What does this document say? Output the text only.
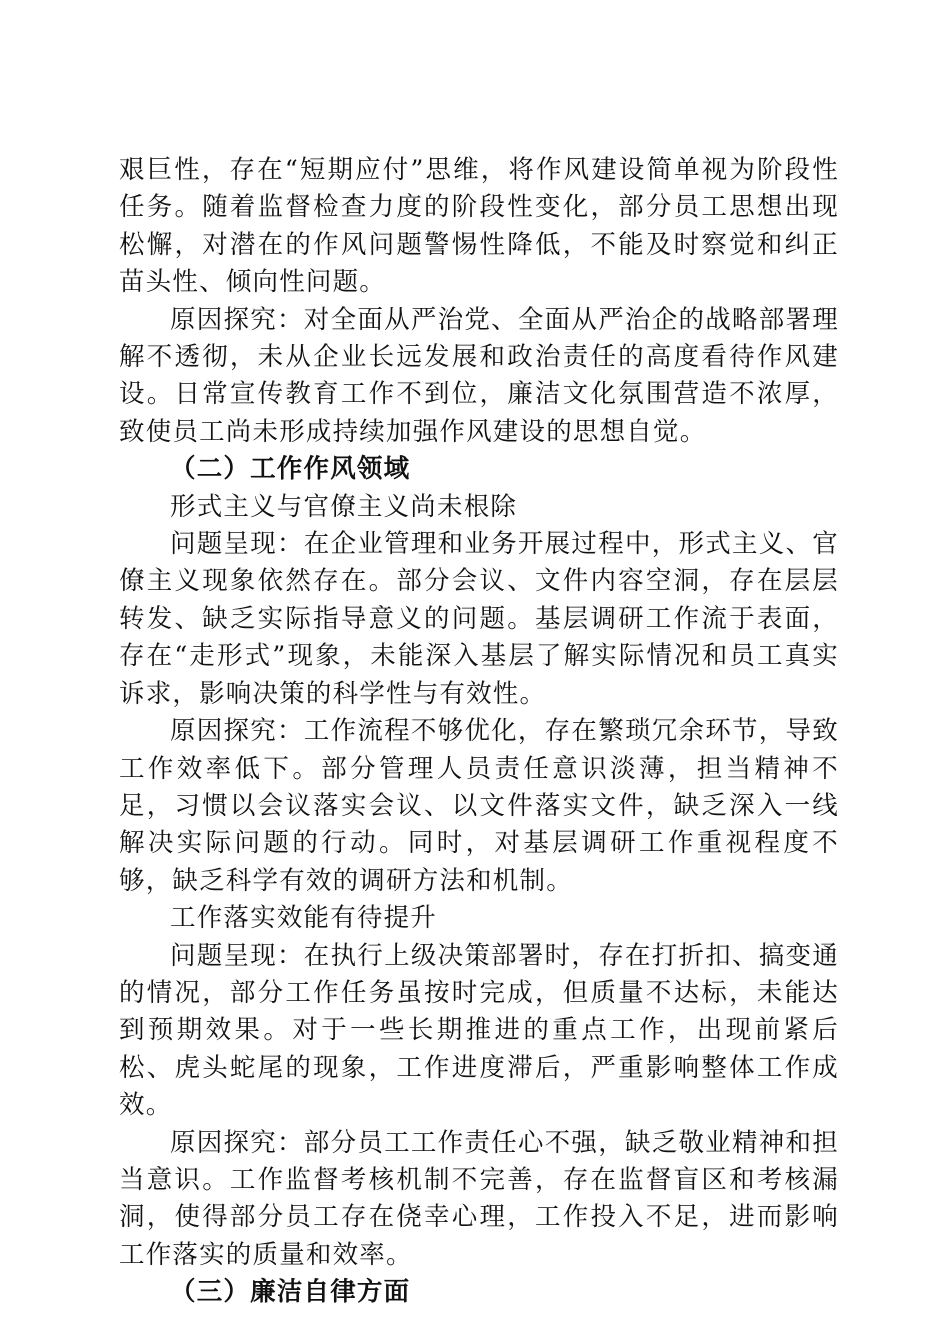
艰巨性，存在“短期应付”思维，将作风建设简单视为阶段性任务。随着监督检查力度的阶段性变化，部分员工思想出现松懈，对潜在的作风问题警惕性降低，不能及时察觉和纠正苗头性、倾向性问题。

原因探究：对全面从严治党、全面从严治企的战略部署理解不透彻，未从企业长远发展和政治责任的高度看待作风建设。日常宣传教育工作不到位，廉洁文化氛围营造不浓厚，致使员工尚未形成持续加强作风建设的思想自觉。

（二）工作作风领域

形式主义与官僚主义尚未根除

问题呈现：在企业管理和业务开展过程中，形式主义、官僚主义现象依然存在。部分会议、文件内容空洞，存在层层转发、缺乏实际指导意义的问题。基层调研工作流于表面，存在“走形式”现象，未能深入基层了解实际情况和员工真实诉求，影响决策的科学性与有效性。

原因探究：工作流程不够优化，存在繁琐冗余环节，导致工作效率低下。部分管理人员责任意识淡薄，担当精神不足，习惯以会议落实会议、以文件落实文件，缺乏深入一线解决实际问题的行动。同时，对基层调研工作重视程度不够，缺乏科学有效的调研方法和机制。

工作落实效能有待提升

问题呈现：在执行上级决策部署时，存在打折扣、搞变通的情况，部分工作任务虽按时完成，但质量不达标，未能达到预期效果。对于一些长期推进的重点工作，出现前紧后松、虎头蛇尾的现象，工作进度滞后，严重影响整体工作成效。

原因探究：部分员工工作责任心不强，缺乏敬业精神和担当意识。工作监督考核机制不完善，存在监督盲区和考核漏洞，使得部分员工存在侥幸心理，工作投入不足，进而影响工作落实的质量和效率。

（三）廉洁自律方面
